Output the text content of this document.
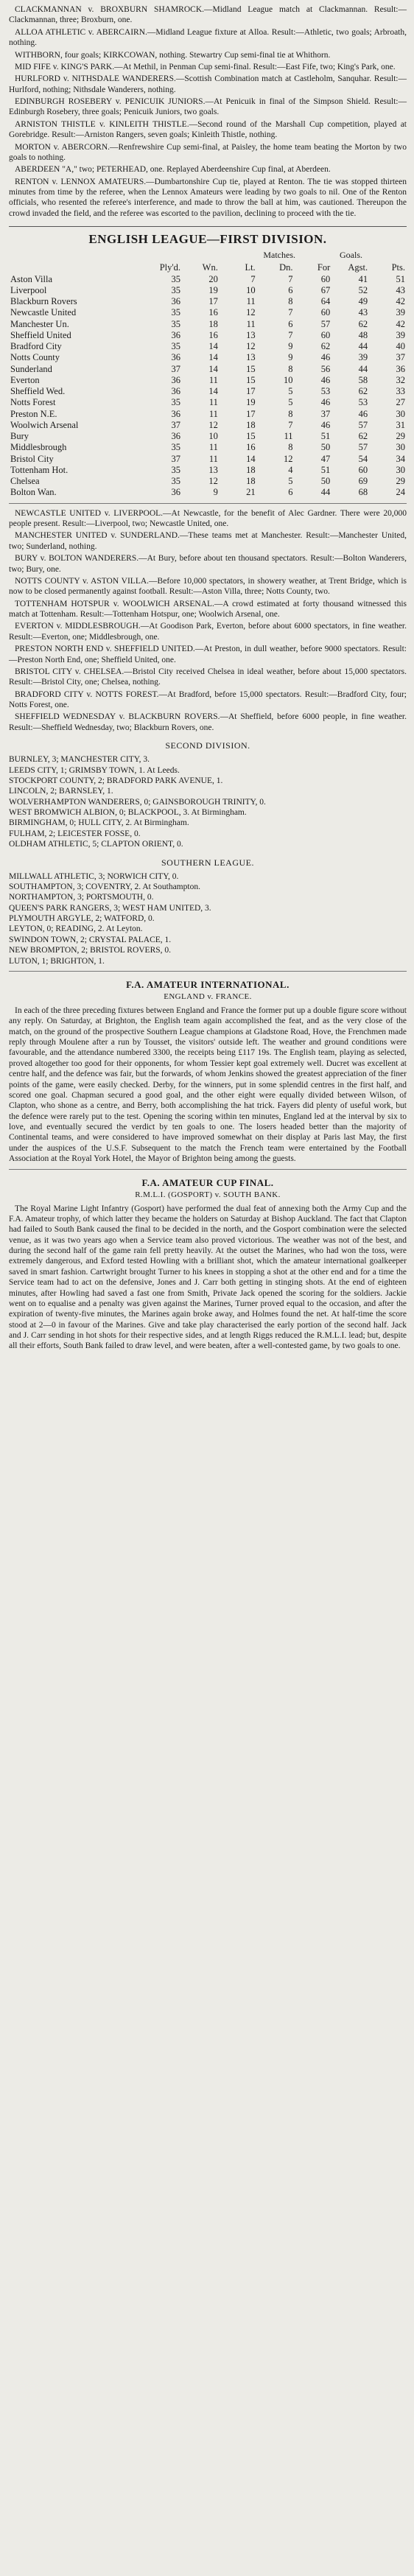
CLACKMANNAN v. BROXBURN SHAMROCK.—Midland League match at Clackmannan. Result:—Clackmannan, three; Broxburn, one.

ALLOA ATHLETIC v. ABERCAIRN.—Midland League fixture at Alloa. Result:—Athletic, two goals; Arbroath, nothing.

WITHBORN, four goals; KIRKCOWAN, nothing. Stewartry Cup semi-final tie at Whithorn.

MID FIFE v. KING'S PARK.—At Methil, in Penman Cup semi-final. Result:—East Fife, two; King's Park, one.

HURLFORD v. NITHSDALE WANDERERS.—Scottish Combination match at Castleholm, Sanquhar. Result:—Hurlford, nothing; Nithsdale Wanderers, nothing.

EDINBURGH ROSEBERY v. PENICUIK JUNIORS.—At Penicuik in final of the Simpson Shield. Result:—Edinburgh Rosebery, three goals; Penicuik Juniors, two goals.

ARNISTON THISTLE v. KINLEITH THISTLE.—Second round of the Marshall Cup competition, played at Gorebridge. Result:—Arniston Rangers, seven goals; Kinleith Thistle, nothing.

MORTON v. ABERCORN.—Renfrewshire Cup semi-final, at Paisley, the home team beating the Morton by two goals to nothing.

ABERDEEN "A," two; PETERHEAD, one. Replayed Aberdeenshire Cup final, at Aberdeen.

RENTON v. LENNOX AMATEURS.—Dumbartonshire Cup tie, played at Renton. The tie was stopped thirteen minutes from time by the referee, when the Lennox Amateurs were leading by two goals to nil. One of the Renton officials, who resented the referee's interference, and made to throw the ball at him, was cautioned. Thereupon the crowd invaded the field, and the referee was escorted to the pavilion, declining to proceed with the tie.

ENGLISH LEAGUE—FIRST DIVISION.
Matches.	Goals.
	Ply'd.	Wn.	Lt.	Dn.	For	Agst.	Pts.
Aston Villa	35	20	7	7	60	41	51
Liverpool	35	19	10	6	67	52	43
Blackburn Rovers	36	17	11	8	64	49	42
Newcastle United	35	16	12	7	60	43	39
Manchester Un.	35	18	11	6	57	62	42
Sheffield United	36	16	13	7	60	48	39
Bradford City	35	14	12	9	62	44	40
Notts County	36	14	13	9	46	39	37
Sunderland	37	14	15	8	56	44	36
Everton	36	11	15	10	46	58	32
Sheffield Wed.	36	14	17	5	53	62	33
Notts Forest	35	11	19	5	46	53	27
Preston N.E.	36	11	17	8	37	46	30
Woolwich Arsenal	37	12	18	7	46	57	31
Bury	36	10	15	11	51	62	29
Middlesbrough	35	11	16	8	50	57	30
Bristol City	37	11	14	12	47	54	34
Tottenham Hot.	35	13	18	4	51	60	30
Chelsea	35	12	18	5	50	69	29
Bolton Wan.	36	9	21	6	44	68	24

NEWCASTLE UNITED v. LIVERPOOL.—At Newcastle, for the benefit of Alec Gardner. There were 20,000 people present. Result:—Liverpool, two; Newcastle United, one.

MANCHESTER UNITED v. SUNDERLAND.—These teams met at Manchester. Result:—Manchester United, two; Sunderland, nothing.

BURY v. BOLTON WANDERERS.—At Bury, before about ten thousand spectators. Result:—Bolton Wanderers, two; Bury, one.

NOTTS COUNTY v. ASTON VILLA.—Before 10,000 spectators, in showery weather, at Trent Bridge, which is now to be closed permanently against football. Result:—Aston Villa, three; Notts County, two.

TOTTENHAM HOTSPUR v. WOOLWICH ARSENAL.—A crowd estimated at forty thousand witnessed this match at Tottenham. Result:—Tottenham Hotspur, one; Woolwich Arsenal, one.

EVERTON v. MIDDLESBROUGH.—At Goodison Park, Everton, before about 6000 spectators, in fine weather. Result:—Everton, one; Middlesbrough, one.

PRESTON NORTH END v. SHEFFIELD UNITED.—At Preston, in dull weather, before 9000 spectators. Result:—Preston North End, one; Sheffield United, one.

BRISTOL CITY v. CHELSEA.—Bristol City received Chelsea in ideal weather, before about 15,000 spectators. Result:—Bristol City, one; Chelsea, nothing.

BRADFORD CITY v. NOTTS FOREST.—At Bradford, before 15,000 spectators. Result:—Bradford City, four; Notts Forest, one.

SHEFFIELD WEDNESDAY v. BLACKBURN ROVERS.—At Sheffield, before 6000 people, in fine weather. Result:—Sheffield Wednesday, two; Blackburn Rovers, one.

SECOND DIVISION.

BURNLEY, 3; MANCHESTER CITY, 3.

LEEDS CITY, 1; GRIMSBY TOWN, 1. At Leeds.

STOCKPORT COUNTY, 2; BRADFORD PARK AVENUE, 1.

LINCOLN, 2; BARNSLEY, 1.

WOLVERHAMPTON WANDERERS, 0; GAINSBOROUGH TRINITY, 0.

WEST BROMWICH ALBION, 0; BLACKPOOL, 3. At Birmingham.

BIRMINGHAM, 0; HULL CITY, 2. At Birmingham.

FULHAM, 2; LEICESTER FOSSE, 0.

OLDHAM ATHLETIC, 5; CLAPTON ORIENT, 0.

SOUTHERN LEAGUE.

MILLWALL ATHLETIC, 3; NORWICH CITY, 0.

SOUTHAMPTON, 3; COVENTRY, 2. At Southampton.

NORTHAMPTON, 3; PORTSMOUTH, 0.

QUEEN'S PARK RANGERS, 3; WEST HAM UNITED, 3.

PLYMOUTH ARGYLE, 2; WATFORD, 0.

LEYTON, 0; READING, 2. At Leyton.

SWINDON TOWN, 2; CRYSTAL PALACE, 1.

NEW BROMPTON, 2; BRISTOL ROVERS, 0.

LUTON, 1; BRIGHTON, 1.

F.A. AMATEUR INTERNATIONAL.
ENGLAND v. FRANCE.

In each of the three preceding fixtures between England and France the former put up a double figure score without any reply. On Saturday, at Brighton, the English team again accomplished the feat, and as the very close of the match, on the ground of the prospective Southern League champions at Gladstone Road, Hove, the Frenchmen made reply through Moulene after a run by Tousset, the visitors' outside left. The weather and ground conditions were favourable, and the attendance numbered 3300, the receipts being £117 19s. The English team, playing as selected, proved altogether too good for their opponents, for whom Tessier kept goal extremely well. Ducret was excellent at centre half, and the defence was fair, but the forwards, of whom Jenkins showed the greatest appreciation of the finer points of the game, were easily checked. Derby, for the winners, put in some splendid centres in the first half, and scored one goal. Chapman secured a good goal, and the other eight were equally divided between Wilson, of Clapton, who shone as a centre, and Berry, both accomplishing the hat trick. Fayers did plenty of useful work, but the defence were rarely put to the test. Opening the scoring within ten minutes, England led at the interval by six to love, and eventually secured the verdict by ten goals to one. The losers headed better than the majority of Continental teams, and were considered to have improved somewhat on their display at Paris last May, the first under the auspices of the U.S.F. Subsequent to the match the French team were entertained by the Football Association at the Royal York Hotel, the Mayor of Brighton being among the guests.

F.A. AMATEUR CUP FINAL.
R.M.L.I. (GOSPORT) v. SOUTH BANK.

The Royal Marine Light Infantry (Gosport) have performed the dual feat of annexing both the Army Cup and the F.A. Amateur trophy, of which latter they became the holders on Saturday at Bishop Auckland. The fact that Clapton had failed to South Bank caused the final to be decided in the north, and the Gosport combination were the selected venue, as it was two years ago when a Service team also proved victorious. The weather was not of the best, and during the second half of the game rain fell pretty heavily. At the outset the Marines, who had won the toss, were extremely dangerous, and Exford tested Howling with a brilliant shot, which the amateur international goalkeeper saved in smart fashion. Cartwright brought Turner to his knees in stopping a shot at the other end and for a time the Service team had to act on the defensive, Jones and J. Carr both getting in stinging shots. At the end of eighteen minutes, after Howling had saved a fast one from Smith, Private Jack opened the scoring for the soldiers. Jackie went on to equalise and a penalty was given against the Marines, Turner proved equal to the occasion, and after the expiration of twenty-five minutes, the Marines again broke away, and Holmes found the net. At half-time the score stood at 2—0 in favour of the Marines. Give and take play characterised the early portion of the second half. Jack and J. Carr sending in hot shots for their respective sides, and at length Riggs reduced the R.M.L.I. lead; but, despite all their efforts, South Bank failed to draw level, and were beaten, after a well-contested game, by two goals to one.
